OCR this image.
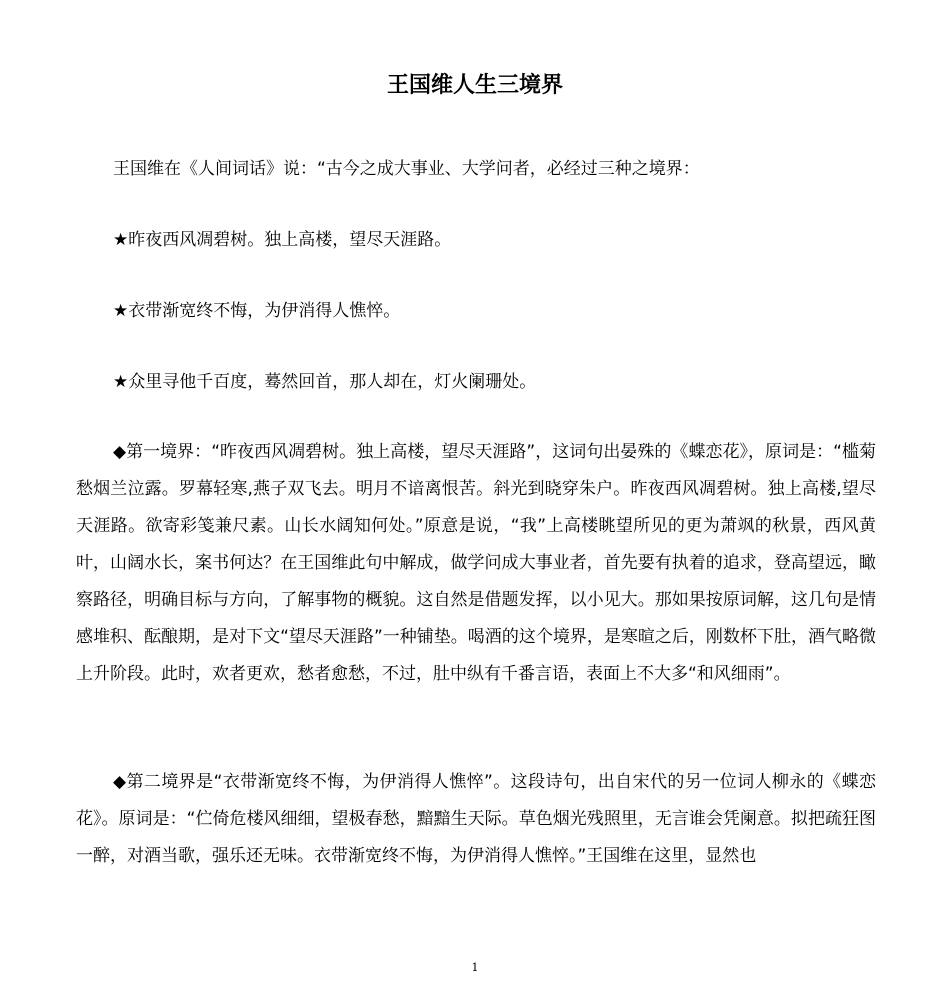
王国维人生三境界
王国维在《人间词话》说：“古今之成大事业、大学问者，必经过三种之境界：
★昨夜西风凋碧树。独上高楼，望尽天涯路。
★衣带渐宽终不悔，为伊消得人憔悴。
★众里寻他千百度，蓦然回首，那人却在，灯火阑珊处。
◆第一境界：“昨夜西风凋碧树。独上高楼，望尽天涯路”，这词句出晏殊的《蝶恋花》，原词是：“槛菊愁烟兰泣露。罗幕轻寒,燕子双飞去。明月不谙离恨苦。斜光到晓穿朱户。昨夜西风凋碧树。独上高楼,望尽天涯路。欲寄彩笺兼尺素。山长水阔知何处。”原意是说，“我”上高楼眺望所见的更为萧飒的秋景，西风黄叶，山阔水长，案书何达？在王国维此句中解成，做学问成大事业者，首先要有执着的追求，登高望远，瞰察路径，明确目标与方向，了解事物的概貌。这自然是借题发挥，以小见大。那如果按原词解，这几句是情感堆积、酝酿期，是对下文“望尽天涯路”一种铺垫。喝酒的这个境界，是寒暄之后，刚数杯下肚，酒气略微上升阶段。此时，欢者更欢，愁者愈愁，不过，肚中纵有千番言语，表面上不大多“和风细雨”。
◆第二境界是“衣带渐宽终不悔，为伊消得人憔悴”。这段诗句，出自宋代的另一位词人柳永的《蝶恋花》。原词是：“伫倚危楼风细细，望极春愁，黯黯生天际。草色烟光残照里，无言谁会凭阑意。拟把疏狂图一醉，对酒当歌，强乐还无味。衣带渐宽终不悔，为伊消得人憔悴。”王国维在这里，显然也
1
